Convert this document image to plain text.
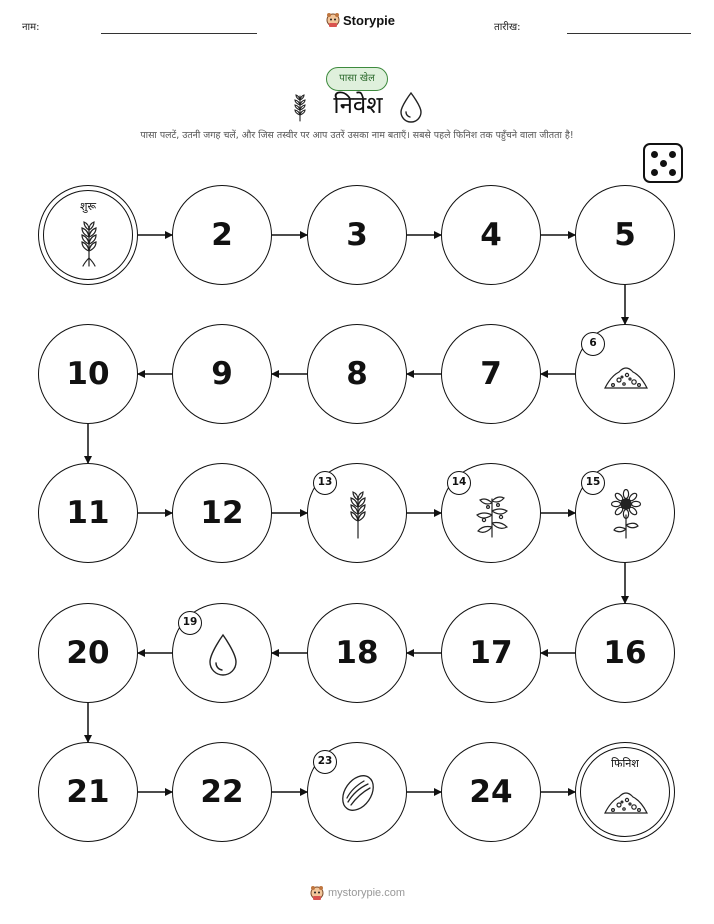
नाम:	Storypie	तारीख:
पासा खेल
निवेश
पासा पलटें, उतनी जगह चलें, और जिस तस्वीर पर आप उतरें उसका नाम बताएँ। सबसे पहले फिनिश तक पहुँचने वाला जीतता है!
शुरू
फिनिश
2	3	4	5
6
7
8
9
10
11	12
13	14	15
16
17
18
19
20
21	22
23
24
mystorypie.com
